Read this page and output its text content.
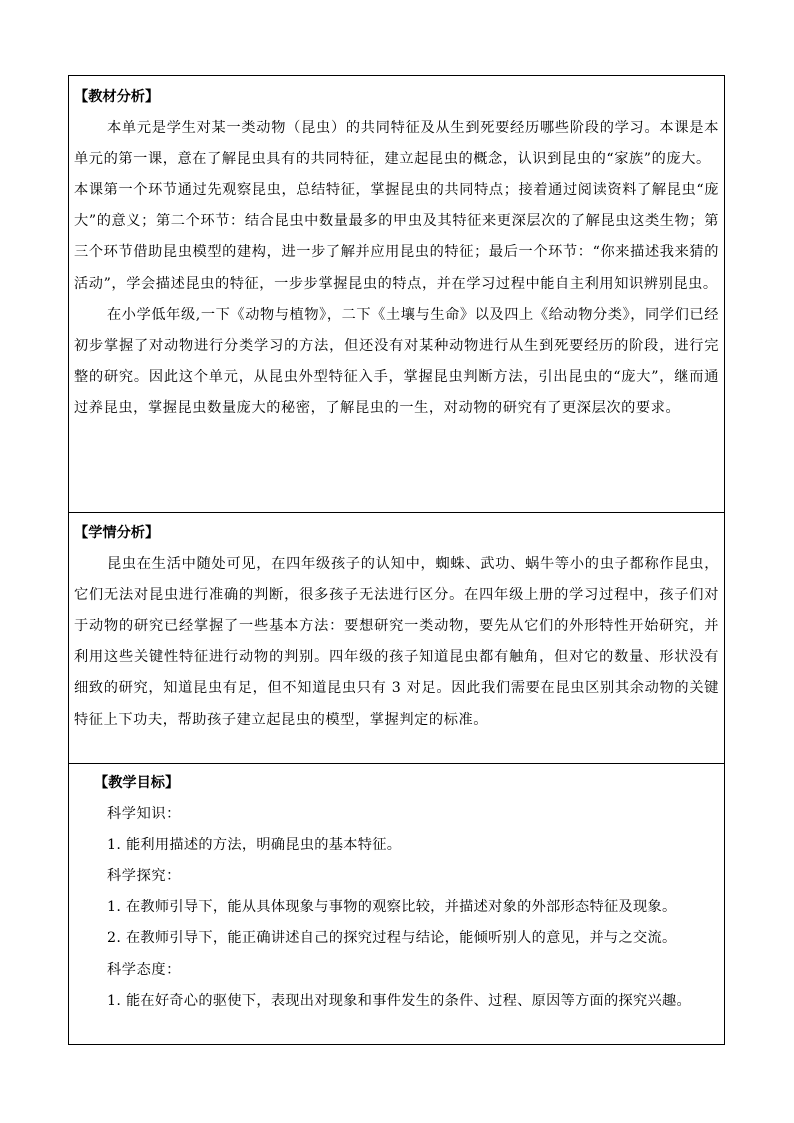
【教材分析】

本单元是学生对某一类动物（昆虫）的共同特征及从生到死要经历哪些阶段的学习。本课是本单元的第一课，意在了解昆虫具有的共同特征，建立起昆虫的概念，认识到昆虫的“家族”的庞大。

本课第一个环节通过先观察昆虫，总结特征，掌握昆虫的共同特点；接着通过阅读资料了解昆虫“庞大”的意义；第二个环节：结合昆虫中数量最多的甲虫及其特征来更深层次的了解昆虫这类生物；第三个环节借助昆虫模型的建构，进一步了解并应用昆虫的特征；最后一个环节：“你来描述我来猜的活动”，学会描述昆虫的特征，一步步掌握昆虫的特点，并在学习过程中能自主利用知识辨别昆虫。

在小学低年级,一下《动物与植物》，二下《土壤与生命》以及四上《给动物分类》，同学们已经初步掌握了对动物进行分类学习的方法，但还没有对某种动物进行从生到死要经历的阶段，进行完整的研究。因此这个单元，从昆虫外型特征入手，掌握昆虫判断方法，引出昆虫的“庞大”，继而通过养昆虫，掌握昆虫数量庞大的秘密，了解昆虫的一生，对动物的研究有了更深层次的要求。

【学情分析】

昆虫在生活中随处可见，在四年级孩子的认知中，蜘蛛、武功、蜗牛等小的虫子都称作昆虫，它们无法对昆虫进行准确的判断，很多孩子无法进行区分。在四年级上册的学习过程中，孩子们对于动物的研究已经掌握了一些基本方法：要想研究一类动物，要先从它们的外形特性开始研究，并利用这些关键性特征进行动物的判别。四年级的孩子知道昆虫都有触角，但对它的数量、形状没有细致的研究，知道昆虫有足，但不知道昆虫只有 3 对足。因此我们需要在昆虫区别其余动物的关键特征上下功夫，帮助孩子建立起昆虫的模型，掌握判定的标准。

【教学目标】

科学知识：

1. 能利用描述的方法，明确昆虫的基本特征。

科学探究：

1. 在教师引导下，能从具体现象与事物的观察比较，并描述对象的外部形态特征及现象。

2. 在教师引导下，能正确讲述自己的探究过程与结论，能倾听别人的意见，并与之交流。

科学态度：

1. 能在好奇心的驱使下，表现出对现象和事件发生的条件、过程、原因等方面的探究兴趣。
